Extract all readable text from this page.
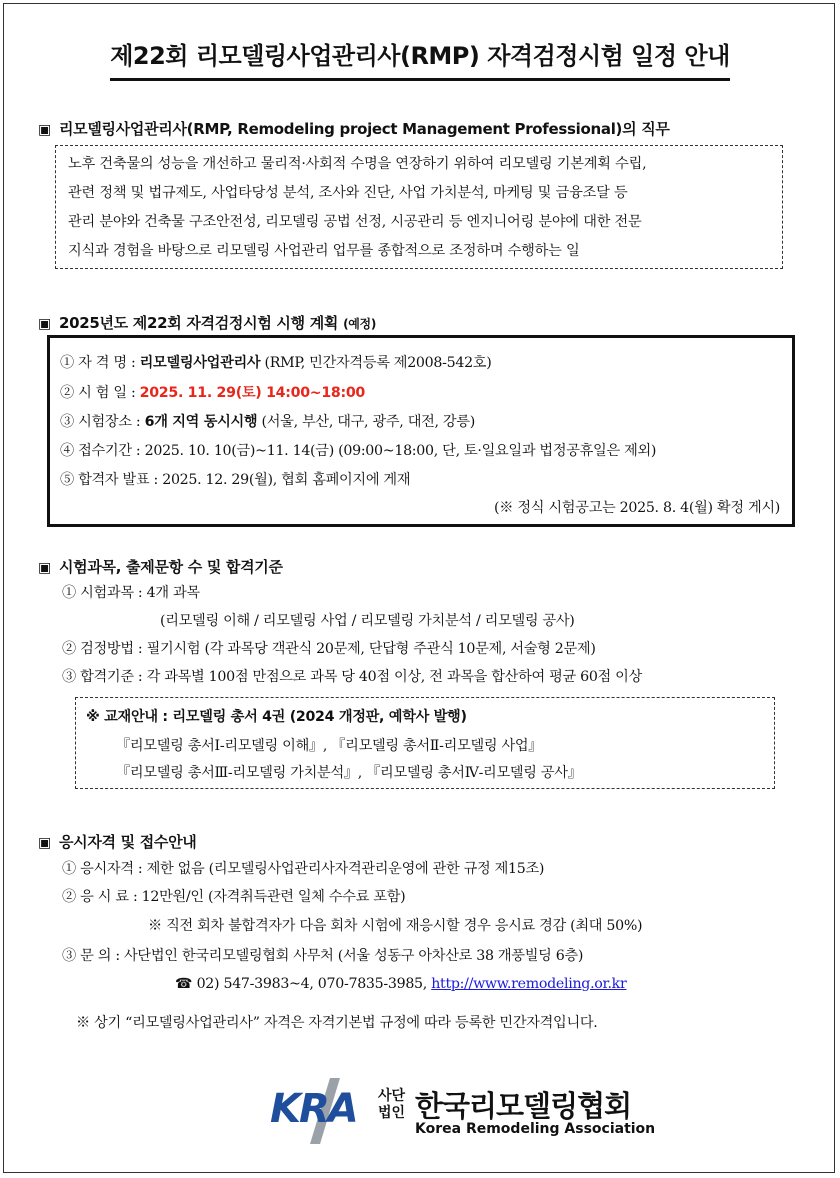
제22회 리모델링사업관리사(RMP) 자격검정시험 일정 안내
▣ 리모델링사업관리사(RMP, Remodeling project Management Professional)의 직무

노후 건축물의 성능을 개선하고 물리적·사회적 수명을 연장하기 위하여 리모델링 기본계획 수립,

관련 정책 및 법규제도, 사업타당성 분석, 조사와 진단, 사업 가치분석, 마케팅 및 금융조달 등

관리 분야와 건축물 구조안전성, 리모델링 공법 선정, 시공관리 등 엔지니어링 분야에 대한 전문

지식과 경험을 바탕으로 리모델링 사업관리 업무를 종합적으로 조정하며 수행하는 일

▣ 2025년도 제22회 자격검정시험 시행 계획 (예정)
① 자 격 명 : 리모델링사업관리사 (RMP, 민간자격등록 제2008-542호)
② 시 험 일 : 2025. 11. 29(토) 14:00~18:00
③ 시험장소 : 6개 지역 동시시행 (서울, 부산, 대구, 광주, 대전, 강릉)
④ 접수기간 : 2025. 10. 10(금)~11. 14(금) (09:00~18:00, 단, 토·일요일과 법정공휴일은 제외)
⑤ 합격자 발표 : 2025. 12. 29(월), 협회 홈페이지에 게재
(※ 정식 시험공고는 2025. 8. 4(월) 확정 게시)
▣ 시험과목, 출제문항 수 및 합격기준
① 시험과목 : 4개 과목
(리모델링 이해 / 리모델링 사업 / 리모델링 가치분석 / 리모델링 공사)
② 검정방법 : 필기시험 (각 과목당 객관식 20문제, 단답형 주관식 10문제, 서술형 2문제)
③ 합격기준 : 각 과목별 100점 만점으로 과목 당 40점 이상, 전 과목을 합산하여 평균 60점 이상
※ 교재안내 : 리모델링 총서 4권 (2024 개정판, 예학사 발행)
『리모델링 총서Ⅰ-리모델링 이해』, 『리모델링 총서Ⅱ-리모델링 사업』
『리모델링 총서Ⅲ-리모델링 가치분석』, 『리모델링 총서Ⅳ-리모델링 공사』
▣ 응시자격 및 접수안내
① 응시자격 : 제한 없음 (리모델링사업관리사자격관리운영에 관한 규정 제15조)
② 응 시 료 : 12만원/인 (자격취득관련 일체 수수료 포함)
※ 직전 회차 불합격자가 다음 회차 시험에 재응시할 경우 응시료 경감 (최대 50%)
③ 문 의 : 사단법인 한국리모델링협회 사무처 (서울 성동구 아차산로 38 개풍빌딩 6층)
☎ 02) 547-3983~4, 070-7835-3985, http://www.remodeling.or.kr
※ 상기 “리모델링사업관리사” 자격은 자격기본법 규정에 따라 등록한 민간자격입니다.
KRA 사단
법인 한국리모델링협회
Korea Remodeling Association
